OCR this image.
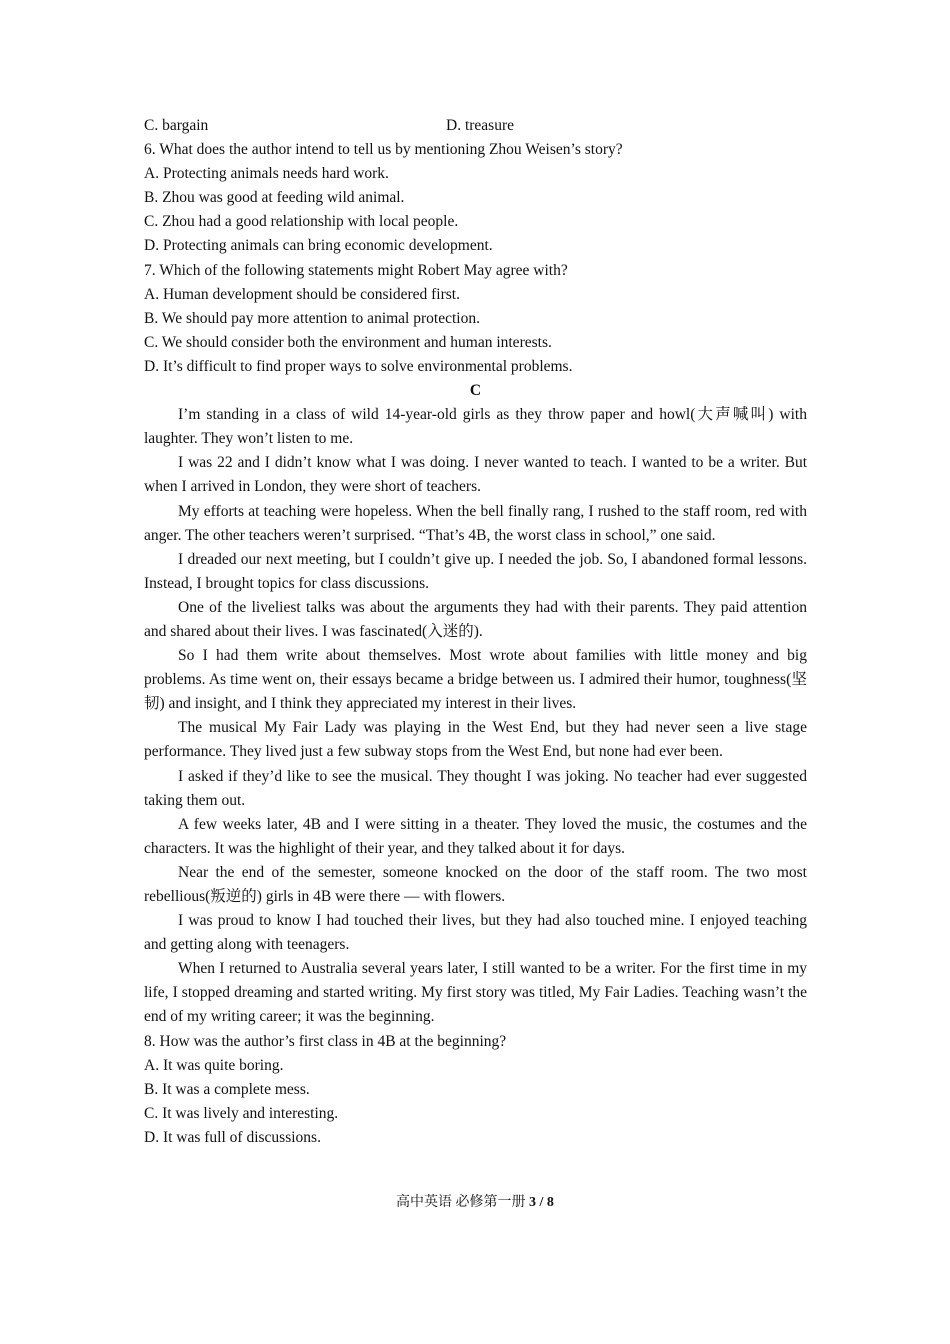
C. bargain	D. treasure
6. What does the author intend to tell us by mentioning Zhou Weisen’s story?
A. Protecting animals needs hard work.
B. Zhou was good at feeding wild animal.
C. Zhou had a good relationship with local people.
D. Protecting animals can bring economic development.
7. Which of the following statements might Robert May agree with?
A. Human development should be considered first.
B. We should pay more attention to animal protection.
C. We should consider both the environment and human interests.
D. It’s difficult to find proper ways to solve environmental problems.
C

I’m standing in a class of wild 14-year-old girls as they throw paper and howl(大声喊叫) with laughter. They won’t listen to me.

I was 22 and I didn’t know what I was doing. I never wanted to teach. I wanted to be a writer. But when I arrived in London, they were short of teachers.

My efforts at teaching were hopeless. When the bell finally rang, I rushed to the staff room, red with anger. The other teachers weren’t surprised. “That’s 4B, the worst class in school,” one said.

I dreaded our next meeting, but I couldn’t give up. I needed the job. So, I abandoned formal lessons. Instead, I brought topics for class discussions.

One of the liveliest talks was about the arguments they had with their parents. They paid attention and shared about their lives. I was fascinated(入迷的).

So I had them write about themselves. Most wrote about families with little money and big problems. As time went on, their essays became a bridge between us. I admired their humor, toughness(坚韧) and insight, and I think they appreciated my interest in their lives.

The musical My Fair Lady was playing in the West End, but they had never seen a live stage performance. They lived just a few subway stops from the West End, but none had ever been.

I asked if they’d like to see the musical. They thought I was joking. No teacher had ever suggested taking them out.

A few weeks later, 4B and I were sitting in a theater. They loved the music, the costumes and the characters. It was the highlight of their year, and they talked about it for days.

Near the end of the semester, someone knocked on the door of the staff room. The two most rebellious(叛逆的) girls in 4B were there — with flowers.

I was proud to know I had touched their lives, but they had also touched mine. I enjoyed teaching and getting along with teenagers.

When I returned to Australia several years later, I still wanted to be a writer. For the first time in my life, I stopped dreaming and started writing. My first story was titled, My Fair Ladies. Teaching wasn’t the end of my writing career; it was the beginning.

8. How was the author’s first class in 4B at the beginning?
A. It was quite boring.
B. It was a complete mess.
C. It was lively and interesting.
D. It was full of discussions.
高中英语 必修第一册 3 / 8
